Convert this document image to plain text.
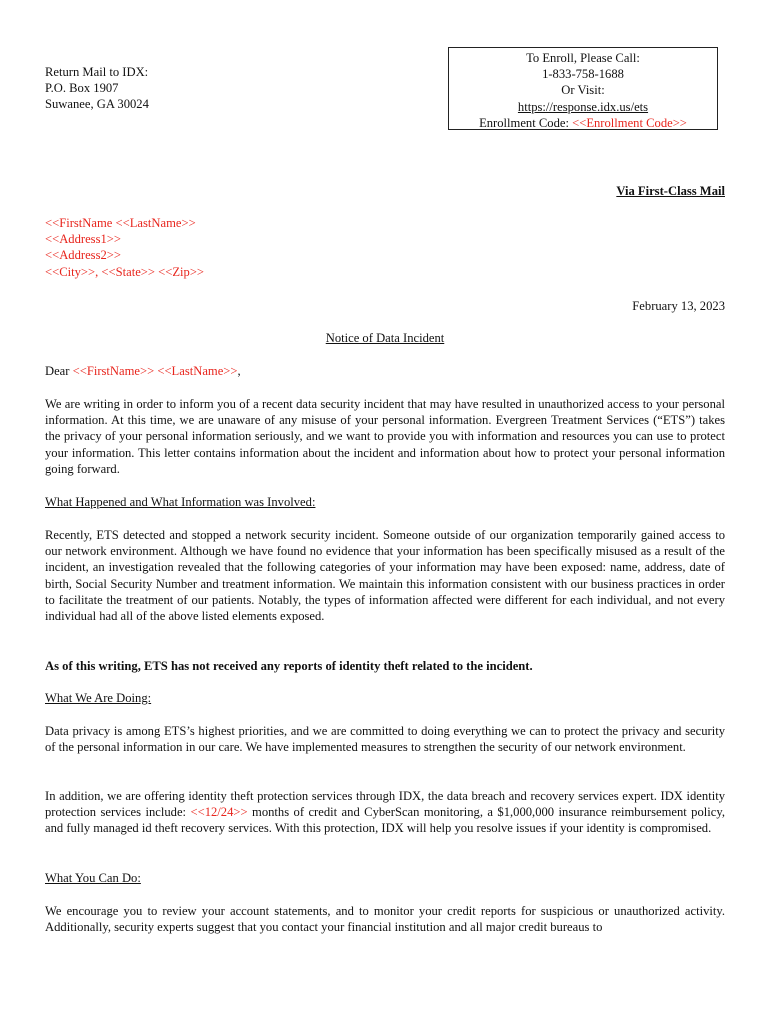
Return Mail to IDX:
P.O. Box 1907
Suwanee, GA 30024
To Enroll, Please Call:
1-833-758-1688
Or Visit:
https://response.idx.us/ets
Enrollment Code: <<Enrollment Code>>
Via First-Class Mail
<<FirstName <<LastName>>
<<Address1>>
<<Address2>>
<<City>>, <<State>> <<Zip>>
February 13, 2023
Notice of Data Incident
Dear <<FirstName>> <<LastName>>,
We are writing in order to inform you of a recent data security incident that may have resulted in unauthorized access to your personal information. At this time, we are unaware of any misuse of your personal information. Evergreen Treatment Services (“ETS”) takes the privacy of your personal information seriously, and we want to provide you with information and resources you can use to protect your information. This letter contains information about the incident and information about how to protect your personal information going forward.
What Happened and What Information was Involved:
Recently, ETS detected and stopped a network security incident. Someone outside of our organization temporarily gained access to our network environment. Although we have found no evidence that your information has been specifically misused as a result of the incident, an investigation revealed that the following categories of your information may have been exposed: name, address, date of birth, Social Security Number and treatment information. We maintain this information consistent with our business practices in order to facilitate the treatment of our patients. Notably, the types of information affected were different for each individual, and not every individual had all of the above listed elements exposed.
As of this writing, ETS has not received any reports of identity theft related to the incident.
What We Are Doing:
Data privacy is among ETS’s highest priorities, and we are committed to doing everything we can to protect the privacy and security of the personal information in our care. We have implemented measures to strengthen the security of our network environment.
In addition, we are offering identity theft protection services through IDX, the data breach and recovery services expert. IDX identity protection services include: <<12/24>> months of credit and CyberScan monitoring, a $1,000,000 insurance reimbursement policy, and fully managed id theft recovery services. With this protection, IDX will help you resolve issues if your identity is compromised.
What You Can Do:
We encourage you to review your account statements, and to monitor your credit reports for suspicious or unauthorized activity. Additionally, security experts suggest that you contact your financial institution and all major credit bureaus to
